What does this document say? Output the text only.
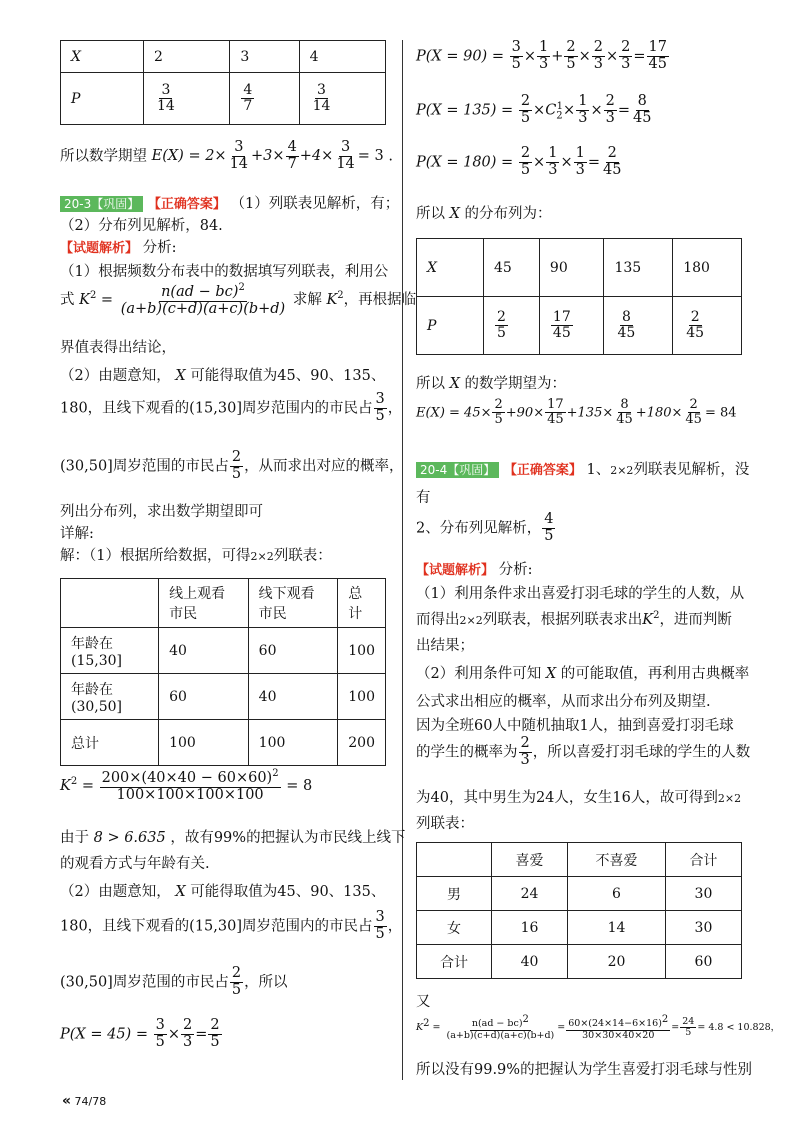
X	2	3	4
P	$\frac{3}{14}$	$\frac{4}{7}$	$\frac{3}{14}$
所以数学期望 $E(X) = 2\times \frac{3}{14} +3\times \frac{4}{7} +4\times \frac{3}{14} = 3$ .
20-3【巩固】 【正确答案】 （1）列联表见解析，有；
（2）分布列见解析，84.
【试题解析】 分析:
（1）根据频数分布表中的数据填写列联表，利用公
式 $K^2 = \frac{n(ad - bc)^2}{(a+b)(c+d)(a+c)(b+d)}$ 求解 $K^2$，再根据临
界值表得出结论，
（2）由题意知， X 可能得取值为45、90、135、
180，且线下观看的(15,30]周岁范围内的市民占 $\frac{3}{5}$ ，
(30,50]周岁范围的市民占 $\frac{2}{5}$ ，从而求出对应的概率，
列出分布列，求出数学期望即可
详解:
解：（1）根据所给数据，可得2×2列联表：
	线上观看市民	线下观看市民	总计
年龄在(15,30]	40	60	100
年龄在(30,50]	60	40	100
总计	100	100	200
$K^2 = \frac{200\times(40\times 40 - 60\times 60)^2}{100\times 100\times 100\times 100} = 8$
由于 8 > 6.635 ，故有99%的把握认为市民线上线下
的观看方式与年龄有关.
（2）由题意知， X 可能得取值为45、90、135、
180，且线下观看的(15,30]周岁范围内的市民占 $\frac{3}{5}$ ，
(30,50]周岁范围的市民占 $\frac{2}{5}$ ，所以
$P(X = 45) = \frac{3}{5} \times \frac{2}{3} = \frac{2}{5}$
$P(X = 90) = \frac{3}{5} \times \frac{1}{3} + \frac{2}{5} \times \frac{2}{3} \times \frac{2}{3} = \frac{17}{45}$
$P(X = 135) = \frac{2}{5} \times C_2^1\times \frac{1}{3} \times \frac{2}{3} = \frac{8}{45}$
$P(X = 180) = \frac{2}{5} \times \frac{1}{3} \times \frac{1}{3} = \frac{2}{45}$
所以 X 的分布列为：
X	45	90	135	180
P	$\frac{2}{5}$	$\frac{17}{45}$	$\frac{8}{45}$	$\frac{2}{45}$
所以 X 的数学期望为：
$E(X) = 45\times \frac{2}{5} +90\times \frac{17}{45} +135\times \frac{8}{45} +180\times \frac{2}{45} = 84$
20-4【巩固】 【正确答案】 1、2×2列联表见解析，没
有
2、分布列见解析， $\frac{4}{5}$
【试题解析】 分析:
（1）利用条件求出喜爱打羽毛球的学生的人数，从
而得出2×2列联表，根据列联表求出$K^2$，进而判断
出结果；
（2）利用条件可知 X 的可能取值，再利用古典概率
公式求出相应的概率，从而求出分布列及期望.
因为全班60人中随机抽取1人，抽到喜爱打羽毛球
的学生的概率为 $\frac{2}{3}$ ，所以喜爱打羽毛球的学生的人数
为40，其中男生为24人，女生16人，故可得到2×2
列联表：
	喜爱	不喜爱	合计
男	24	6	30
女	16	14	30
合计	40	20	60
又
$K2 = \frac{n(ad - bc)2}{(a+b)(c+d)(a+c)(b+d)} = \frac{60\times(24\times 14-6\times 16)2}{30\times 30\times 40\times 20} = \frac{24}{5} = 4.8 < 10.828$，
所以没有99.9%的把握认为学生喜爱打羽毛球与性别
« 74/78
